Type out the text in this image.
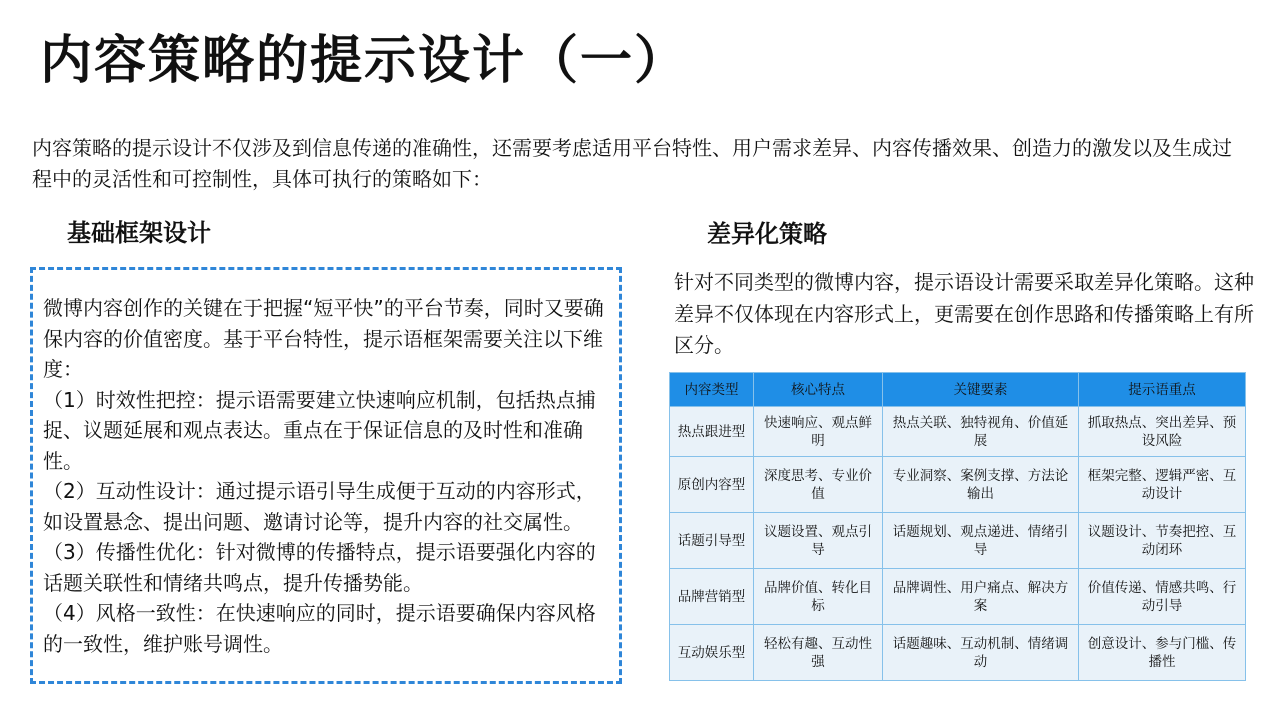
内容策略的提示设计（一）

内容策略的提示设计不仅涉及到信息传递的准确性，还需要考虑适用平台特性、用户需求差异、内容传播效果、创造力的激发以及生成过程中的灵活性和可控制性，具体可执行的策略如下：

基础框架设计	差异化策略

微博内容创作的关键在于把握“短平快”的平台节奏，同时又要确保内容的价值密度。基于平台特性，提示语框架需要关注以下维度：

（1）时效性把控：提示语需要建立快速响应机制，包括热点捕捉、议题延展和观点表达。重点在于保证信息的及时性和准确性。

（2）互动性设计：通过提示语引导生成便于互动的内容形式，如设置悬念、提出问题、邀请讨论等，提升内容的社交属性。

（3）传播性优化：针对微博的传播特点，提示语要强化内容的话题关联性和情绪共鸣点，提升传播势能。

（4）风格一致性：在快速响应的同时，提示语要确保内容风格的一致性，维护账号调性。

针对不同类型的微博内容，提示语设计需要采取差异化策略。这种差异不仅体现在内容形式上，更需要在创作思路和传播策略上有所区分。

内容类型	核心特点	关键要素	提示语重点
热点跟进型	快速响应、观点鲜明	热点关联、独特视角、价值延展	抓取热点、突出差异、预设风险
原创内容型	深度思考、专业价值	专业洞察、案例支撑、方法论输出	框架完整、逻辑严密、互动设计
话题引导型	议题设置、观点引导	话题规划、观点递进、情绪引导	议题设计、节奏把控、互动闭环
品牌营销型	品牌价值、转化目标	品牌调性、用户痛点、解决方案	价值传递、情感共鸣、行动引导
互动娱乐型	轻松有趣、互动性强	话题趣味、互动机制、情绪调动	创意设计、参与门槛、传播性
